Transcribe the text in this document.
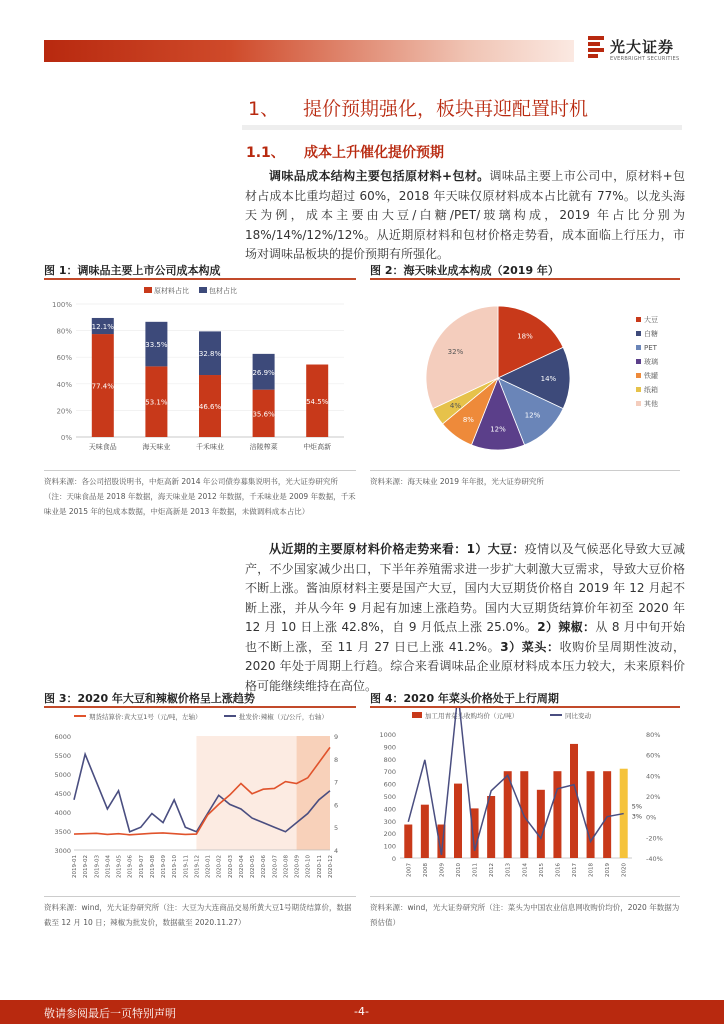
光大证券
EVERBRIGHT SECURITIES
1、 提价预期强化，板块再迎配置时机
1.1、 成本上升催化提价预期
调味品成本结构主要包括原材料+包材。调味品主要上市公司中，原材料+包材占成本比重均超过 60%，2018 年天味仅原材料成本占比就有 77%。以龙头海天为例，成本主要由大豆/白糖/PET/玻璃构成，2019 年占比分别为 18%/14%/12%/12%。从近期原材料和包材价格走势看，成本面临上行压力，市场对调味品板块的提价预期有所强化。
图 1：调味品主要上市公司成本构成
原材料占比	包材占比
0%
20%
40%
60%
80%
100%
77.4%
12.1%
天味食品
53.1%
33.5%
海天味业
46.6%
32.8%
千禾味业
35.6%
26.9%
涪陵榨菜
54.5%
中炬高新
资料来源：各公司招股说明书，中炬高新 2014 年公司债券募集说明书，光大证券研究所（注：天味食品是 2018 年数据，海天味业是 2012 年数据，千禾味业是 2009 年数据，千禾味业是 2015 年的包成本数据，中炬高新是 2013 年数据，未做调料成本占比）
图 2：海天味业成本构成（2019 年）
18%
14%
12%
12%
8%
4%
32%
大豆
白糖
PET
玻璃
铁罐
纸箱
其他
资料来源：海天味业 2019 年年报，光大证券研究所
从近期的主要原材料价格走势来看：1）大豆：疫情以及气候恶化导致大豆减产，不少国家减少出口，下半年养殖需求进一步扩大刺激大豆需求，导致大豆价格不断上涨。酱油原材料主要是国产大豆，国内大豆期货价格自 2019 年 12 月起不断上涨，并从今年 9 月起有加速上涨趋势。国内大豆期货结算价年初至 2020 年 12 月 10 日上涨 42.8%，自 9 月低点上涨 25.0%。2）辣椒：从 8 月中旬开始也不断上涨，至 11 月 27 日已上涨 41.2%。3）菜头：收购价呈周期性波动，2020 年处于周期上行趋。综合来看调味品企业原材料成本压力较大，未来原料价格可能继续维持在高位。
图 3：2020 年大豆和辣椒价格呈上涨趋势
期货结算价:黄大豆1号（元/吨，左轴）	批发价:辣椒（元/公斤，右轴）
3000
3500
4000
4500
5000
5500
6000
4
5
6
7
8
9
2019-01 2019-02 2019-03 2019-04 2019-05 2019-06 2019-07 2019-08 2019-09 2019-10 2019-11 2019-12 2020-01 2020-02 2020-03 2020-04 2020-05 2020-06 2020-07 2020-08 2020-09 2020-10 2020-11 2020-12
资料来源：wind，光大证券研究所（注：大豆为大连商品交易所黄大豆1号期货结算价，数据截至 12 月 10 日；辣椒为批发价，数据截至 2020.11.27）
图 4：2020 年菜头价格处于上行周期
加工用青菜头收购均价（元/吨）	同比变动
0
100
200
300
400
500
600
700
800
900
1000
-40%
-20%
0%
20%
40%
60%
80%
2007 2008 2009 2010 2011 2012 2013 2014 2015 2016 2017 2018 2019 2020
5%
3%
资料来源：wind，光大证券研究所（注：菜头为中国农业信息网收购价均价，2020 年数据为预估值）
敬请参阅最后一页特别声明	-4-
